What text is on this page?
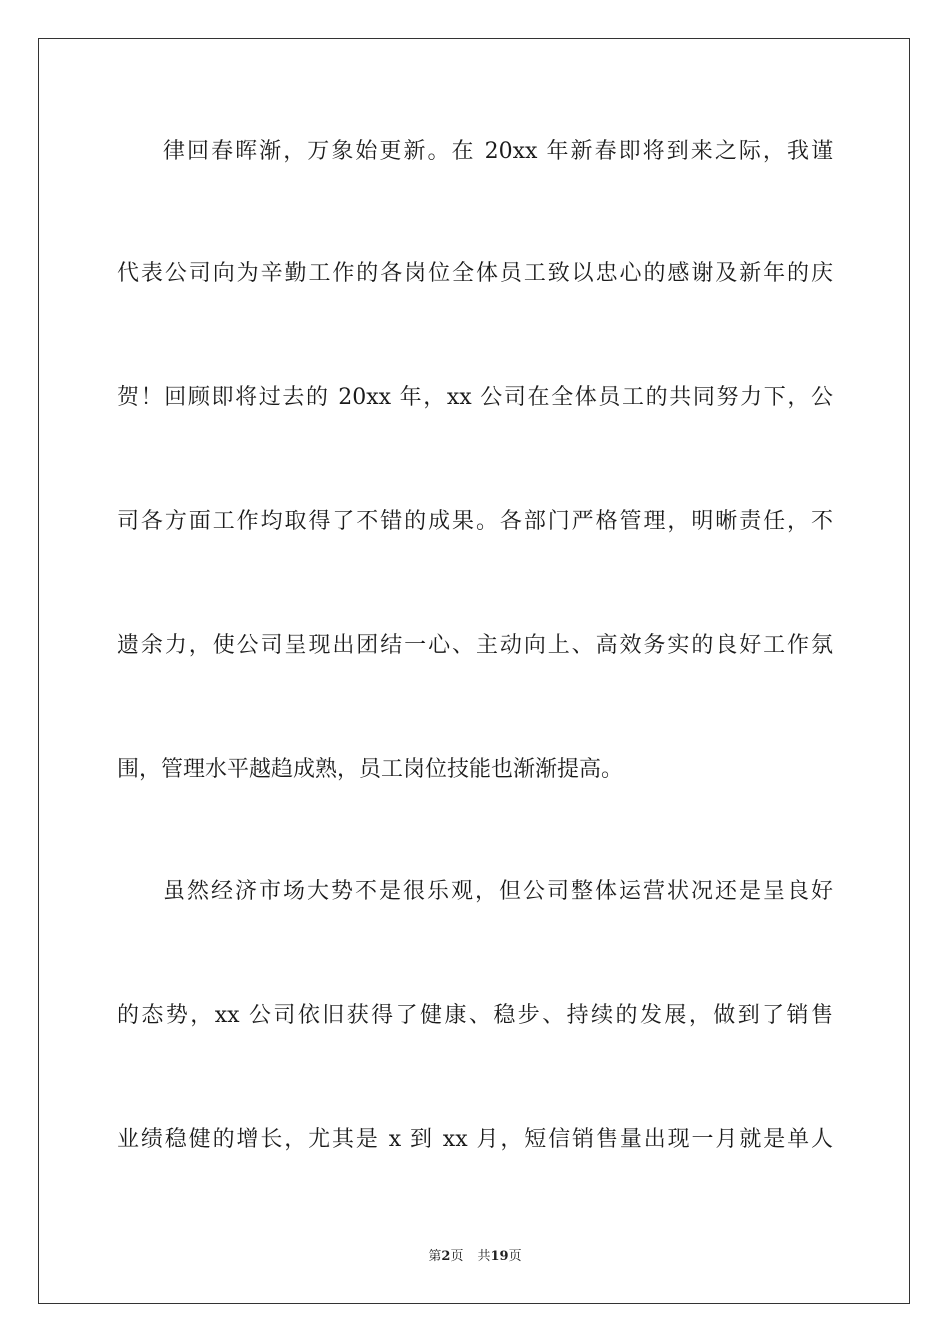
律回春晖渐，万象始更新。在 20xx 年新春即将到来之际，我谨
代表公司向为辛勤工作的各岗位全体员工致以忠心的感谢及新年的庆
贺！回顾即将过去的 20xx 年，xx 公司在全体员工的共同努力下，公
司各方面工作均取得了不错的成果。各部门严格管理，明晰责任，不
遗余力，使公司呈现出团结一心、主动向上、高效务实的良好工作氛
围，管理水平越趋成熟，员工岗位技能也渐渐提高。
虽然经济市场大势不是很乐观，但公司整体运营状况还是呈良好
的态势，xx 公司依旧获得了健康、稳步、持续的发展，做到了销售
业绩稳健的增长，尤其是 x 到 xx 月，短信销售量出现一月就是单人
第2页 共19页
